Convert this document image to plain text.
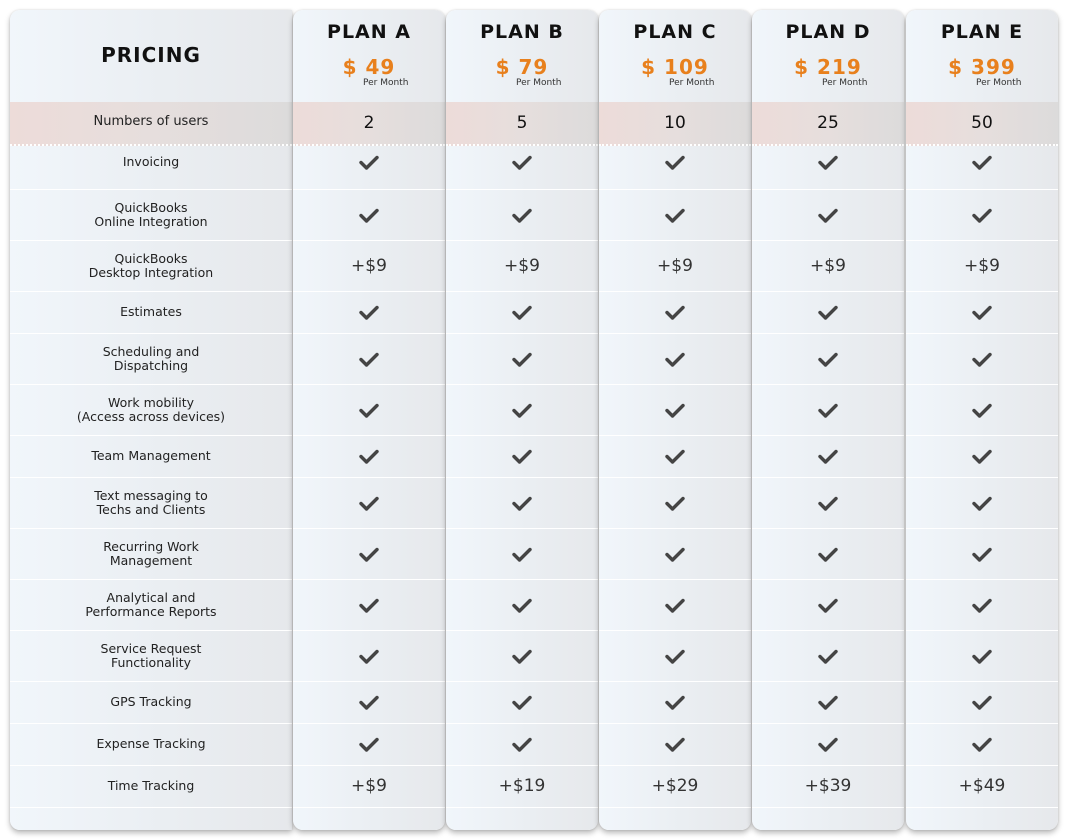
PRICING
Numbers of users
Invoicing
QuickBooks
Online Integration
QuickBooks
Desktop Integration
Estimates
Scheduling and
Dispatching
Work mobility
(Access across devices)
Team Management
Text messaging to
Techs and Clients
Recurring Work
Management
Analytical and
Performance Reports
Service Request
Functionality
GPS Tracking
Expense Tracking
Time Tracking
PLAN A
$ 49
Per Month
2
+$9
+$9
PLAN B
$ 79
Per Month
5
+$9
+$19
PLAN C
$ 109
Per Month
10
+$9
+$29
PLAN D
$ 219
Per Month
25
+$9
+$39
PLAN E
$ 399
Per Month
50
+$9
+$49
